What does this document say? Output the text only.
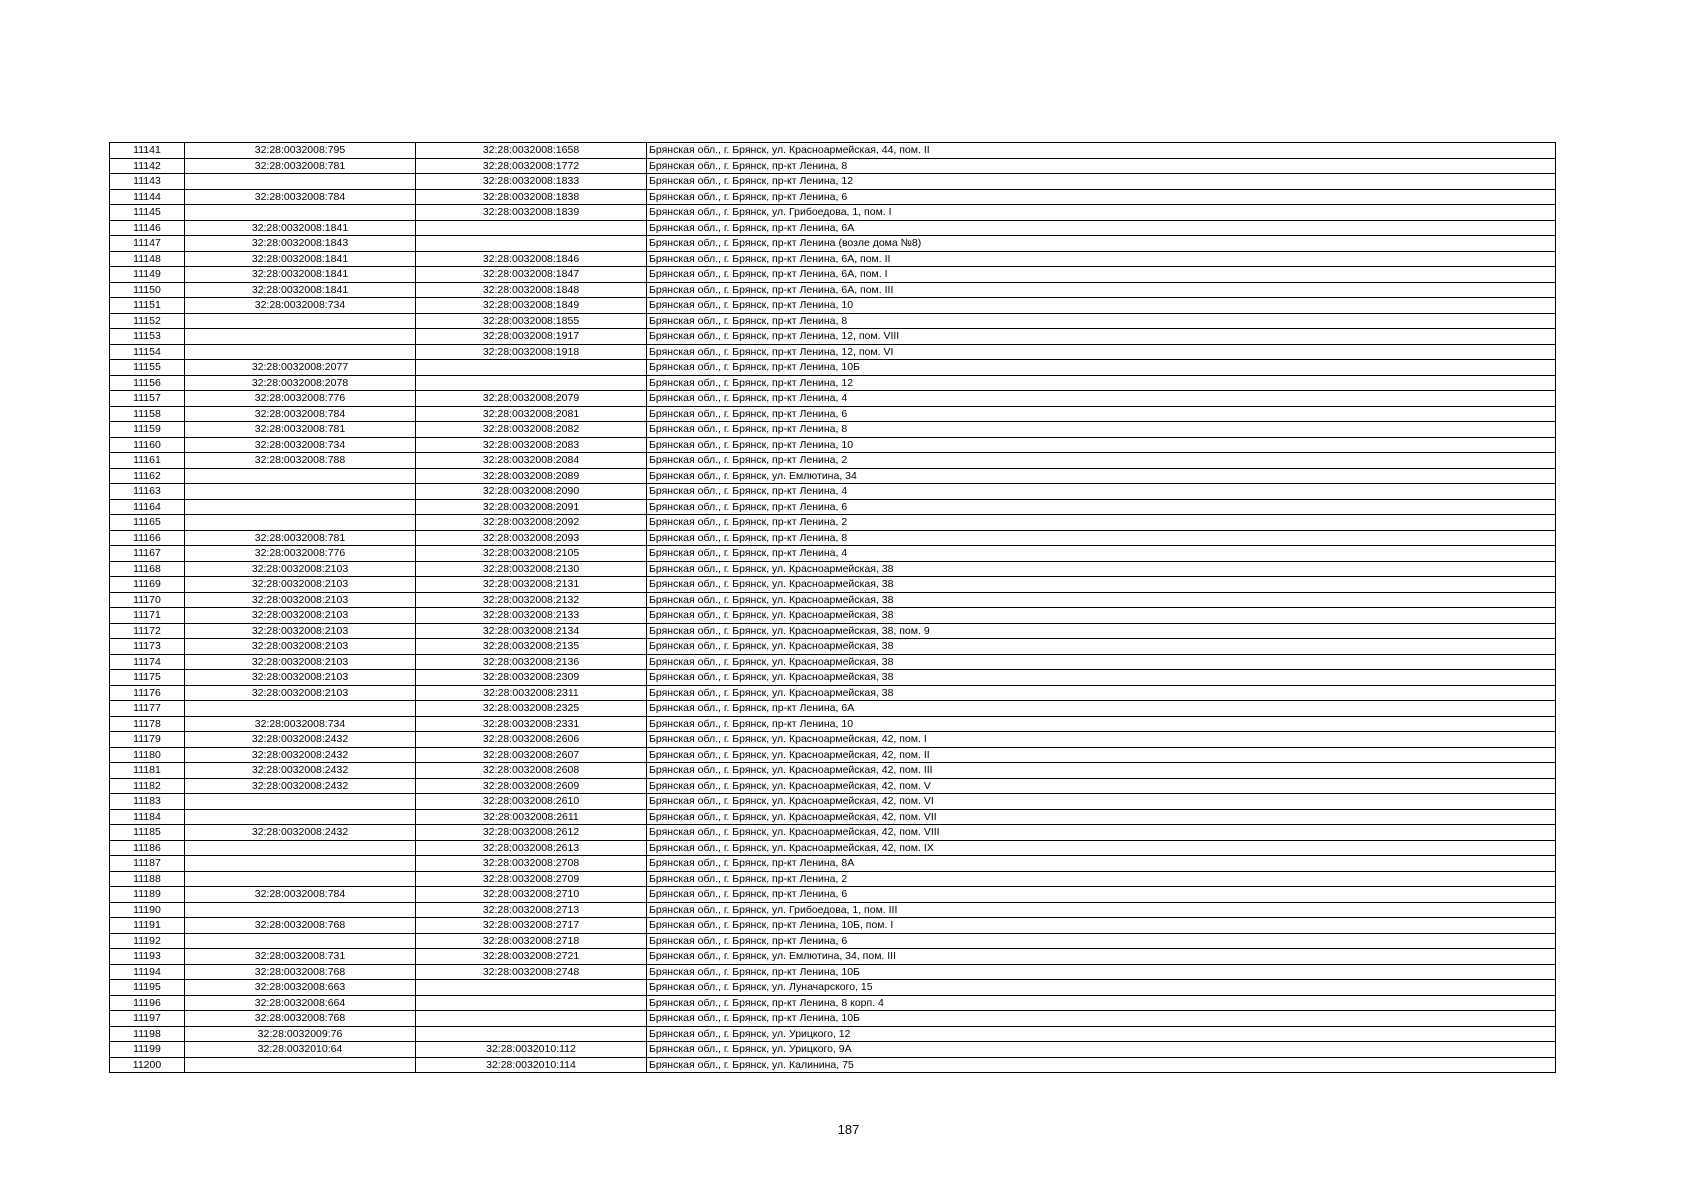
11141	32:28:0032008:795	32:28:0032008:1658	Брянская обл., г. Брянск, ул. Красноармейская, 44, пом. II
11142	32:28:0032008:781	32:28:0032008:1772	Брянская обл., г. Брянск, пр-кт Ленина, 8
11143		32:28:0032008:1833	Брянская обл., г. Брянск, пр-кт Ленина, 12
11144	32:28:0032008:784	32:28:0032008:1838	Брянская обл., г. Брянск, пр-кт Ленина, 6
11145		32:28:0032008:1839	Брянская обл., г. Брянск, ул. Грибоедова, 1, пом. I
11146	32:28:0032008:1841		Брянская обл., г. Брянск, пр-кт Ленина, 6А
11147	32:28:0032008:1843		Брянская обл., г. Брянск, пр-кт Ленина (возле дома №8)
11148	32:28:0032008:1841	32:28:0032008:1846	Брянская обл., г. Брянск, пр-кт Ленина, 6А, пом. II
11149	32:28:0032008:1841	32:28:0032008:1847	Брянская обл., г. Брянск, пр-кт Ленина, 6А, пом. I
11150	32:28:0032008:1841	32:28:0032008:1848	Брянская обл., г. Брянск, пр-кт Ленина, 6А, пом. III
11151	32:28:0032008:734	32:28:0032008:1849	Брянская обл., г. Брянск, пр-кт Ленина, 10
11152		32:28:0032008:1855	Брянская обл., г. Брянск, пр-кт Ленина, 8
11153		32:28:0032008:1917	Брянская обл., г. Брянск, пр-кт Ленина, 12, пом. VIII
11154		32:28:0032008:1918	Брянская обл., г. Брянск, пр-кт Ленина, 12, пом. VI
11155	32:28:0032008:2077		Брянская обл., г. Брянск, пр-кт Ленина, 10Б
11156	32:28:0032008:2078		Брянская обл., г. Брянск, пр-кт Ленина, 12
11157	32:28:0032008:776	32:28:0032008:2079	Брянская обл., г. Брянск, пр-кт Ленина, 4
11158	32:28:0032008:784	32:28:0032008:2081	Брянская обл., г. Брянск, пр-кт Ленина, 6
11159	32:28:0032008:781	32:28:0032008:2082	Брянская обл., г. Брянск, пр-кт Ленина, 8
11160	32:28:0032008:734	32:28:0032008:2083	Брянская обл., г. Брянск, пр-кт Ленина, 10
11161	32:28:0032008:788	32:28:0032008:2084	Брянская обл., г. Брянск, пр-кт Ленина, 2
11162		32:28:0032008:2089	Брянская обл., г. Брянск, ул. Емлютина, 34
11163		32:28:0032008:2090	Брянская обл., г. Брянск, пр-кт Ленина, 4
11164		32:28:0032008:2091	Брянская обл., г. Брянск, пр-кт Ленина, 6
11165		32:28:0032008:2092	Брянская обл., г. Брянск, пр-кт Ленина, 2
11166	32:28:0032008:781	32:28:0032008:2093	Брянская обл., г. Брянск, пр-кт Ленина, 8
11167	32:28:0032008:776	32:28:0032008:2105	Брянская обл., г. Брянск, пр-кт Ленина, 4
11168	32:28:0032008:2103	32:28:0032008:2130	Брянская обл., г. Брянск, ул. Красноармейская, 38
11169	32:28:0032008:2103	32:28:0032008:2131	Брянская обл., г. Брянск, ул. Красноармейская, 38
11170	32:28:0032008:2103	32:28:0032008:2132	Брянская обл., г. Брянск, ул. Красноармейская, 38
11171	32:28:0032008:2103	32:28:0032008:2133	Брянская обл., г. Брянск, ул. Красноармейская, 38
11172	32:28:0032008:2103	32:28:0032008:2134	Брянская обл., г. Брянск, ул. Красноармейская, 38, пом. 9
11173	32:28:0032008:2103	32:28:0032008:2135	Брянская обл., г. Брянск, ул. Красноармейская, 38
11174	32:28:0032008:2103	32:28:0032008:2136	Брянская обл., г. Брянск, ул. Красноармейская, 38
11175	32:28:0032008:2103	32:28:0032008:2309	Брянская обл., г. Брянск, ул. Красноармейская, 38
11176	32:28:0032008:2103	32:28:0032008:2311	Брянская обл., г. Брянск, ул. Красноармейская, 38
11177		32:28:0032008:2325	Брянская обл., г. Брянск, пр-кт Ленина, 6А
11178	32:28:0032008:734	32:28:0032008:2331	Брянская обл., г. Брянск, пр-кт Ленина, 10
11179	32:28:0032008:2432	32:28:0032008:2606	Брянская обл., г. Брянск, ул. Красноармейская, 42, пом. I
11180	32:28:0032008:2432	32:28:0032008:2607	Брянская обл., г. Брянск, ул. Красноармейская, 42, пом. II
11181	32:28:0032008:2432	32:28:0032008:2608	Брянская обл., г. Брянск, ул. Красноармейская, 42, пом. III
11182	32:28:0032008:2432	32:28:0032008:2609	Брянская обл., г. Брянск, ул. Красноармейская, 42, пом. V
11183		32:28:0032008:2610	Брянская обл., г. Брянск, ул. Красноармейская, 42, пом. VI
11184		32:28:0032008:2611	Брянская обл., г. Брянск, ул. Красноармейская, 42, пом. VII
11185	32:28:0032008:2432	32:28:0032008:2612	Брянская обл., г. Брянск, ул. Красноармейская, 42, пом. VIII
11186		32:28:0032008:2613	Брянская обл., г. Брянск, ул. Красноармейская, 42, пом. IX
11187		32:28:0032008:2708	Брянская обл., г. Брянск, пр-кт Ленина, 8А
11188		32:28:0032008:2709	Брянская обл., г. Брянск, пр-кт Ленина, 2
11189	32:28:0032008:784	32:28:0032008:2710	Брянская обл., г. Брянск, пр-кт Ленина, 6
11190		32:28:0032008:2713	Брянская обл., г. Брянск, ул. Грибоедова, 1, пом. III
11191	32:28:0032008:768	32:28:0032008:2717	Брянская обл., г. Брянск, пр-кт Ленина, 10Б, пом. I
11192		32:28:0032008:2718	Брянская обл., г. Брянск, пр-кт Ленина, 6
11193	32:28:0032008:731	32:28:0032008:2721	Брянская обл., г. Брянск, ул. Емлютина, 34, пом. III
11194	32:28:0032008:768	32:28:0032008:2748	Брянская обл., г. Брянск, пр-кт Ленина, 10Б
11195	32:28:0032008:663		Брянская обл., г. Брянск, ул. Луначарского, 15
11196	32:28:0032008:664		Брянская обл., г. Брянск, пр-кт Ленина, 8 корп. 4
11197	32:28:0032008:768		Брянская обл., г. Брянск, пр-кт Ленина, 10Б
11198	32:28:0032009:76		Брянская обл., г. Брянск, ул. Урицкого, 12
11199	32:28:0032010:64	32:28:0032010:112	Брянская обл., г. Брянск, ул. Урицкого, 9А
11200		32:28:0032010:114	Брянская обл., г. Брянск, ул. Калинина, 75
187
